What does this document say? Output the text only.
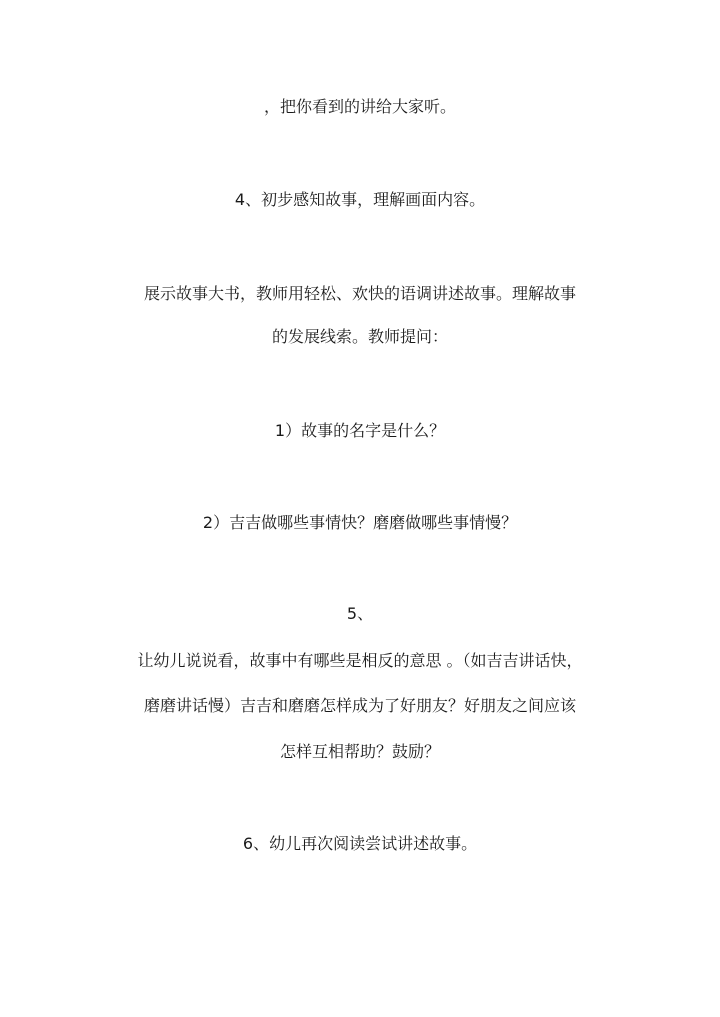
，把你看到的讲给大家听。
4、初步感知故事，理解画面内容。
展示故事大书，教师用轻松、欢快的语调讲述故事。理解故事
的发展线索。教师提问：
1）故事的名字是什么？
2）吉吉做哪些事情快？磨磨做哪些事情慢？
5、
让幼儿说说看，故事中有哪些是相反的意思 。（如吉吉讲话快，
磨磨讲话慢）吉吉和磨磨怎样成为了好朋友？好朋友之间应该
怎样互相帮助？鼓励？
6、幼儿再次阅读尝试讲述故事。
